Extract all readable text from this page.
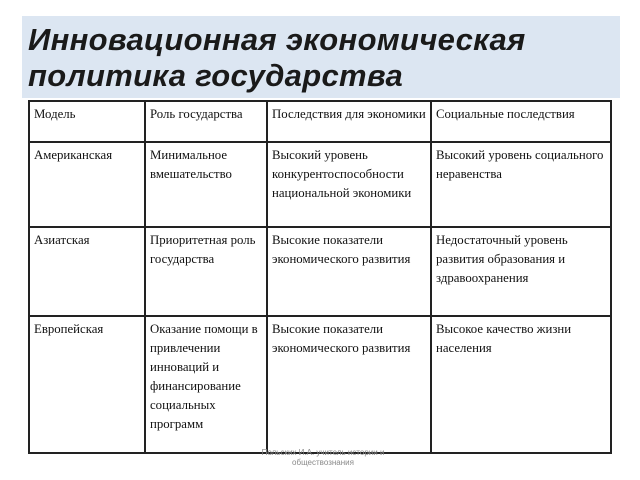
Инновационная экономическая политика государства
Модель	Роль государства	Последствия для экономики	Социальные последствия
Американская	Минимальное вмешательство	Высокий уровень конкурентоспособности национальной экономики	Высокий уровень социального неравенства
Азиатская	Приоритетная роль государства	Высокие показатели экономического развития	Недостаточный уровень развития образования и здравоохранения
Европейская	Оказание помощи в привлечении инноваций и финансирование социальных программ	Высокие показатели экономического развития	Высокое качество жизни населения
Польских И.А. учитель истории и обществознания
